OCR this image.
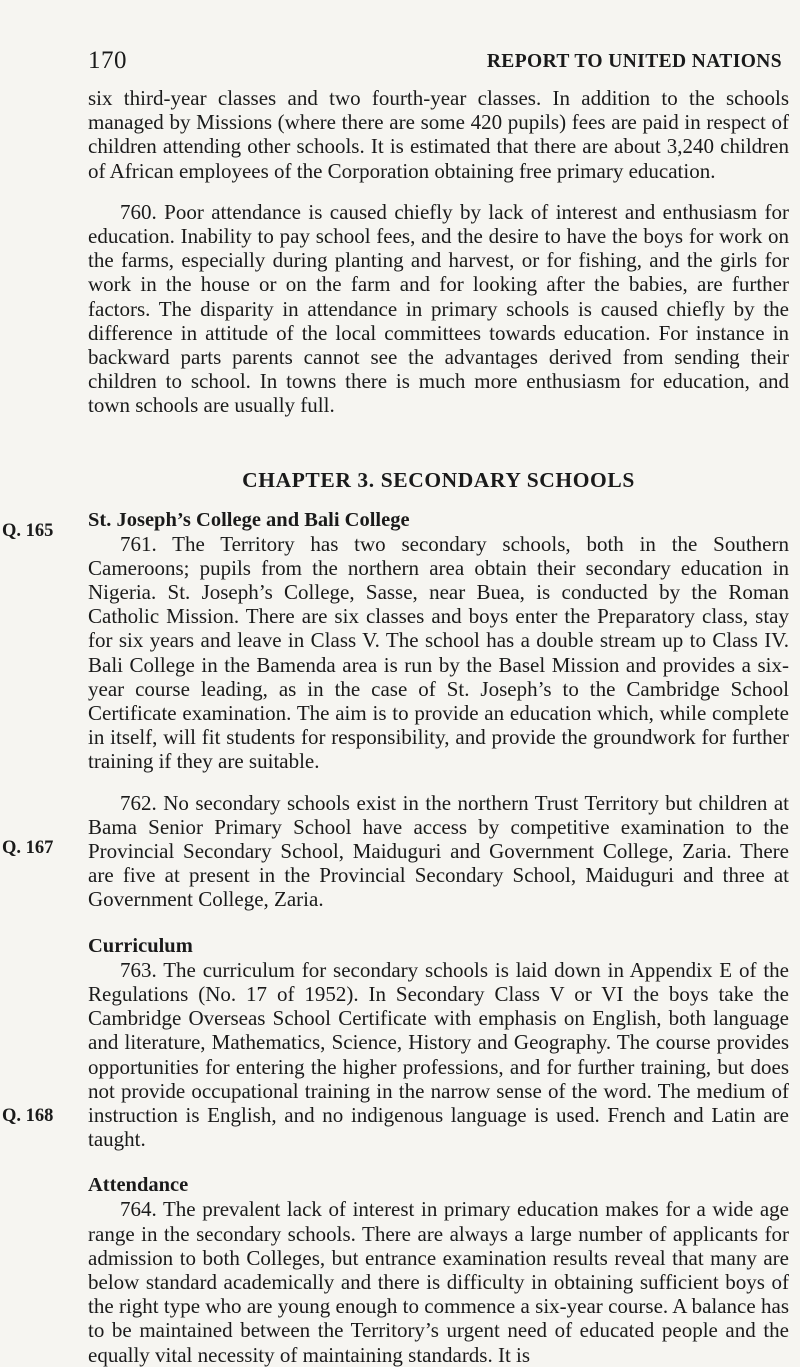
170	REPORT TO UNITED NATIONS
Q. 165
Q. 167
Q. 168

six third-year classes and two fourth-year classes. In addition to the schools managed by Missions (where there are some 420 pupils) fees are paid in respect of children attending other schools. It is estimated that there are about 3,240 children of African employees of the Corporation obtaining free primary education.

760. Poor attendance is caused chiefly by lack of interest and enthusiasm for education. Inability to pay school fees, and the desire to have the boys for work on the farms, especially during planting and harvest, or for fishing, and the girls for work in the house or on the farm and for looking after the babies, are further factors. The disparity in attendance in primary schools is caused chiefly by the difference in attitude of the local committees towards education. For instance in backward parts parents cannot see the advantages derived from sending their children to school. In towns there is much more enthusiasm for education, and town schools are usually full.

CHAPTER 3. SECONDARY SCHOOLS
St. Joseph’s College and Bali College

761. The Territory has two secondary schools, both in the Southern Cameroons; pupils from the northern area obtain their secondary education in Nigeria. St. Joseph’s College, Sasse, near Buea, is conducted by the Roman Catholic Mission. There are six classes and boys enter the Preparatory class, stay for six years and leave in Class V. The school has a double stream up to Class IV. Bali College in the Bamenda area is run by the Basel Mission and provides a six-year course leading, as in the case of St. Joseph’s to the Cambridge School Certificate examination. The aim is to provide an education which, while complete in itself, will fit students for responsibility, and provide the groundwork for further training if they are suitable.

762. No secondary schools exist in the northern Trust Territory but children at Bama Senior Primary School have access by competitive examination to the Provincial Secondary School, Maiduguri and Government College, Zaria. There are five at present in the Provincial Secondary School, Maiduguri and three at Government College, Zaria.

Curriculum

763. The curriculum for secondary schools is laid down in Appendix E of the Regulations (No. 17 of 1952). In Secondary Class V or VI the boys take the Cambridge Overseas School Certificate with emphasis on English, both language and literature, Mathematics, Science, History and Geography. The course provides opportunities for entering the higher professions, and for further training, but does not provide occupational training in the narrow sense of the word. The medium of instruction is English, and no indigenous language is used. French and Latin are taught.

Attendance

764. The prevalent lack of interest in primary education makes for a wide age range in the secondary schools. There are always a large number of applicants for admission to both Colleges, but entrance examination results reveal that many are below standard academically and there is difficulty in obtaining sufficient boys of the right type who are young enough to commence a six-year course. A balance has to be maintained between the Territory’s urgent need of educated people and the equally vital necessity of maintaining standards. It is
